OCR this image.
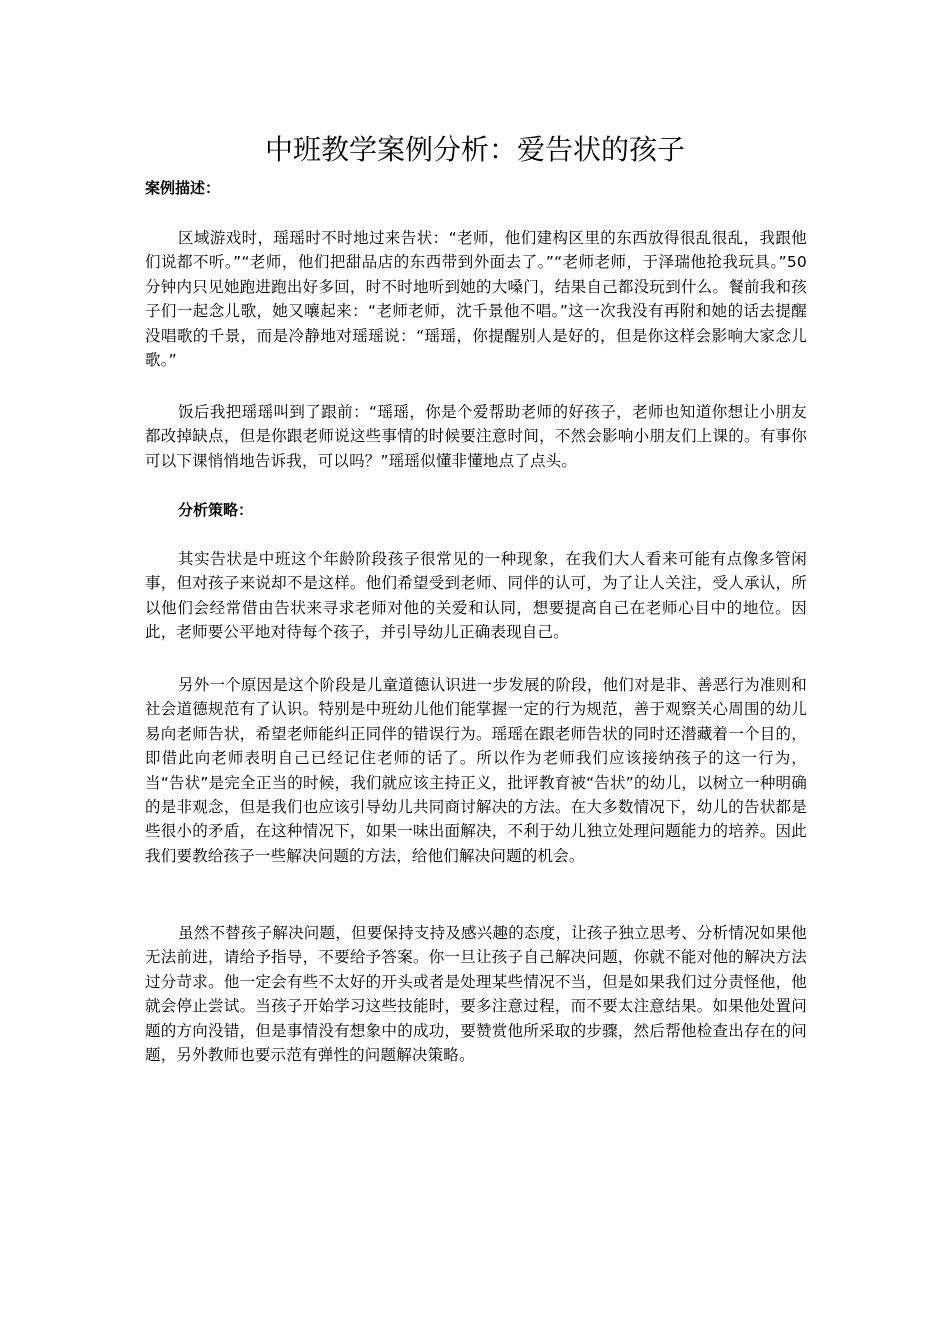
中班教学案例分析：爱告状的孩子
案例描述：

区域游戏时，瑶瑶时不时地过来告状：“老师，他们建构区里的东西放得很乱很乱，我跟他们说都不听。”“老师，他们把甜品店的东西带到外面去了。”“老师老师，于泽瑞他抢我玩具。”50 分钟内只见她跑进跑出好多回，时不时地听到她的大嗓门，结果自己都没玩到什么。餐前我和孩子们一起念儿歌，她又嚷起来：“老师老师，沈千景他不唱。”这一次我没有再附和她的话去提醒没唱歌的千景，而是冷静地对瑶瑶说：“瑶瑶，你提醒别人是好的，但是你这样会影响大家念儿歌。”

饭后我把瑶瑶叫到了跟前：“瑶瑶，你是个爱帮助老师的好孩子，老师也知道你想让小朋友都改掉缺点，但是你跟老师说这些事情的时候要注意时间，不然会影响小朋友们上课的。有事你可以下课悄悄地告诉我，可以吗？”瑶瑶似懂非懂地点了点头。

分析策略：

其实告状是中班这个年龄阶段孩子很常见的一种现象，在我们大人看来可能有点像多管闲事，但对孩子来说却不是这样。他们希望受到老师、同伴的认可，为了让人关注，受人承认，所以他们会经常借由告状来寻求老师对他的关爱和认同，想要提高自己在老师心目中的地位。因此，老师要公平地对待每个孩子，并引导幼儿正确表现自己。

另外一个原因是这个阶段是儿童道德认识进一步发展的阶段，他们对是非、善恶行为准则和社会道德规范有了认识。特别是中班幼儿他们能掌握一定的行为规范，善于观察关心周围的幼儿易向老师告状，希望老师能纠正同伴的错误行为。瑶瑶在跟老师告状的同时还潜藏着一个目的，即借此向老师表明自己已经记住老师的话了。所以作为老师我们应该接纳孩子的这一行为，当“告状”是完全正当的时候，我们就应该主持正义，批评教育被“告状”的幼儿，以树立一种明确的是非观念，但是我们也应该引导幼儿共同商讨解决的方法。在大多数情况下，幼儿的告状都是些很小的矛盾，在这种情况下，如果一味出面解决，不利于幼儿独立处理问题能力的培养。因此我们要教给孩子一些解决问题的方法，给他们解决问题的机会。

虽然不替孩子解决问题，但要保持支持及感兴趣的态度，让孩子独立思考、分析情况如果他无法前进，请给予指导，不要给予答案。你一旦让孩子自己解决问题，你就不能对他的解决方法过分苛求。他一定会有些不太好的开头或者是处理某些情况不当，但是如果我们过分责怪他，他就会停止尝试。当孩子开始学习这些技能时，要多注意过程，而不要太注意结果。如果他处置问题的方向没错，但是事情没有想象中的成功，要赞赏他所采取的步骤，然后帮他检查出存在的问题，另外教师也要示范有弹性的问题解决策略。
